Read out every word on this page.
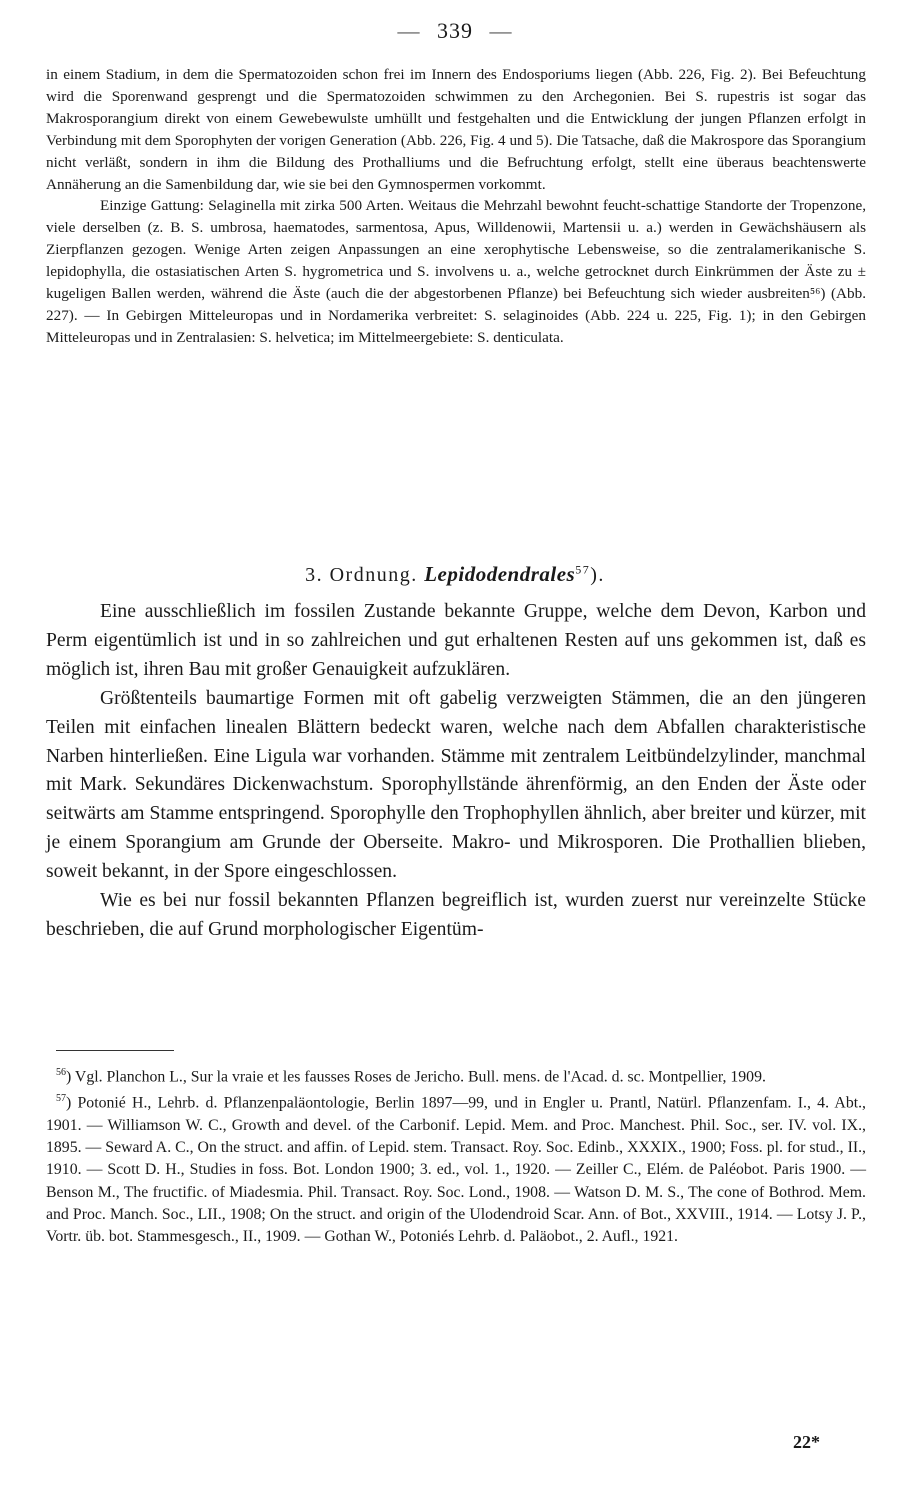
— 339 —

in einem Stadium, in dem die Spermatozoiden schon frei im Innern des Endosporiums liegen (Abb. 226, Fig. 2). Bei Befeuchtung wird die Sporenwand gesprengt und die Spermatozoiden schwimmen zu den Archegonien. Bei S. rupestris ist sogar das Makrosporangium direkt von einem Gewebewulste umhüllt und festgehalten und die Entwicklung der jungen Pflanzen erfolgt in Verbindung mit dem Sporophyten der vorigen Generation (Abb. 226, Fig. 4 und 5). Die Tatsache, daß die Makrospore das Sporangium nicht verläßt, sondern in ihm die Bildung des Prothalliums und die Befruchtung erfolgt, stellt eine überaus beachtenswerte Annäherung an die Samenbildung dar, wie sie bei den Gymnospermen vorkommt.

Einzige Gattung: Selaginella mit zirka 500 Arten. Weitaus die Mehrzahl bewohnt feucht-schattige Standorte der Tropenzone, viele derselben (z. B. S. umbrosa, haematodes, sarmentosa, Apus, Willdenowii, Martensii u. a.) werden in Gewächshäusern als Zierpflanzen gezogen. Wenige Arten zeigen Anpassungen an eine xerophytische Lebensweise, so die zentralamerikanische S. lepidophylla, die ostasiatischen Arten S. hygrometrica und S. involvens u. a., welche getrocknet durch Einkrümmen der Äste zu ± kugeligen Ballen werden, während die Äste (auch die der abgestorbenen Pflanze) bei Befeuchtung sich wieder ausbreiten⁵⁶) (Abb. 227). — In Gebirgen Mitteleuropas und in Nordamerika verbreitet: S. selaginoides (Abb. 224 u. 225, Fig. 1); in den Gebirgen Mitteleuropas und in Zentralasien: S. helvetica; im Mittelmeergebiete: S. denticulata.

3. Ordnung. Lepidodendrales$^{57}$).

Eine ausschließlich im fossilen Zustande bekannte Gruppe, welche dem Devon, Karbon und Perm eigentümlich ist und in so zahlreichen und gut erhaltenen Resten auf uns gekommen ist, daß es möglich ist, ihren Bau mit großer Genauigkeit aufzuklären.

Größtenteils baumartige Formen mit oft gabelig verzweigten Stämmen, die an den jüngeren Teilen mit einfachen linealen Blättern bedeckt waren, welche nach dem Abfallen charakteristische Narben hinterließen. Eine Ligula war vorhanden. Stämme mit zentralem Leitbündelzylinder, manchmal mit Mark. Sekundäres Dickenwachstum. Sporophyllstände ährenförmig, an den Enden der Äste oder seitwärts am Stamme entspringend. Sporophylle den Trophophyllen ähnlich, aber breiter und kürzer, mit je einem Sporangium am Grunde der Oberseite. Makro- und Mikrosporen. Die Prothallien blieben, soweit bekannt, in der Spore eingeschlossen.

Wie es bei nur fossil bekannten Pflanzen begreiflich ist, wurden zuerst nur vereinzelte Stücke beschrieben, die auf Grund morphologischer Eigentüm-

$^{56}$) Vgl. Planchon L., Sur la vraie et les fausses Roses de Jericho. Bull. mens. de l'Acad. d. sc. Montpellier, 1909.

$^{57}$) Potonié H., Lehrb. d. Pflanzenpaläontologie, Berlin 1897—99, und in Engler u. Prantl, Natürl. Pflanzenfam. I., 4. Abt., 1901. — Williamson W. C., Growth and devel. of the Carbonif. Lepid. Mem. and Proc. Manchest. Phil. Soc., ser. IV. vol. IX., 1895. — Seward A. C., On the struct. and affin. of Lepid. stem. Transact. Roy. Soc. Edinb., XXXIX., 1900; Foss. pl. for stud., II., 1910. — Scott D. H., Studies in foss. Bot. London 1900; 3. ed., vol. 1., 1920. — Zeiller C., Elém. de Paléobot. Paris 1900. — Benson M., The fructific. of Miadesmia. Phil. Transact. Roy. Soc. Lond., 1908. — Watson D. M. S., The cone of Bothrod. Mem. and Proc. Manch. Soc., LII., 1908; On the struct. and origin of the Ulodendroid Scar. Ann. of Bot., XXVIII., 1914. — Lotsy J. P., Vortr. üb. bot. Stammesgesch., II., 1909. — Gothan W., Potoniés Lehrb. d. Paläobot., 2. Aufl., 1921.

22*
